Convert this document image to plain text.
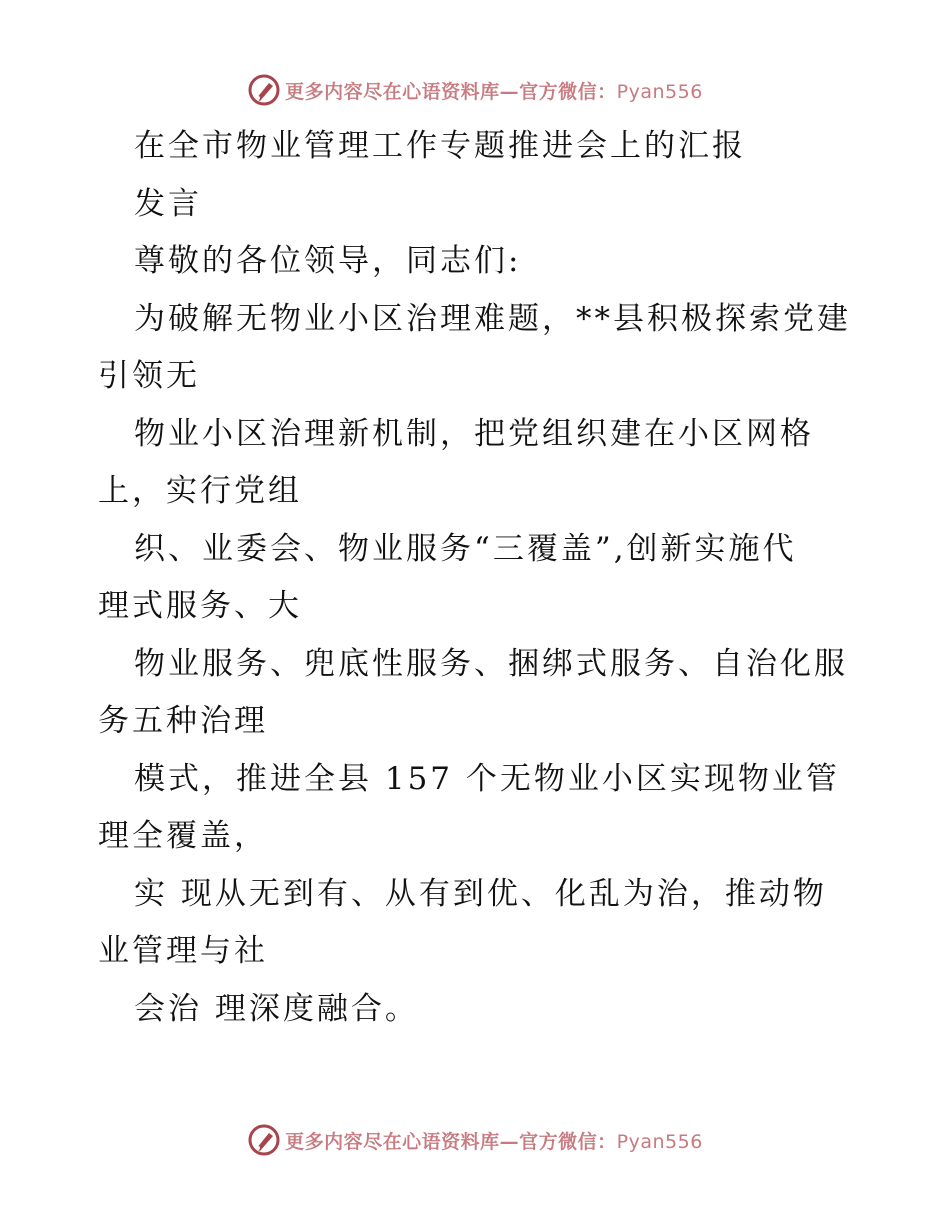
更多内容尽在心语资料库—官方微信：Pyan556
在全市物业管理工作专题推进会上的汇报
发言
尊敬的各位领导，同志们:
为破解无物业小区治理难题，**县积极探索党建
引领无
物业小区治理新机制，把党组织建在小区网格
上，实行党组
织、业委会、物业服务“三覆盖”,创新实施代
理式服务、大
物业服务、兜底性服务、捆绑式服务、自治化服
务五种治理
模式，推进全县 157 个无物业小区实现物业管
理全覆盖，
实 现从无到有、从有到优、化乱为治，推动物
业管理与社
会治 理深度融合。
更多内容尽在心语资料库—官方微信：Pyan556
